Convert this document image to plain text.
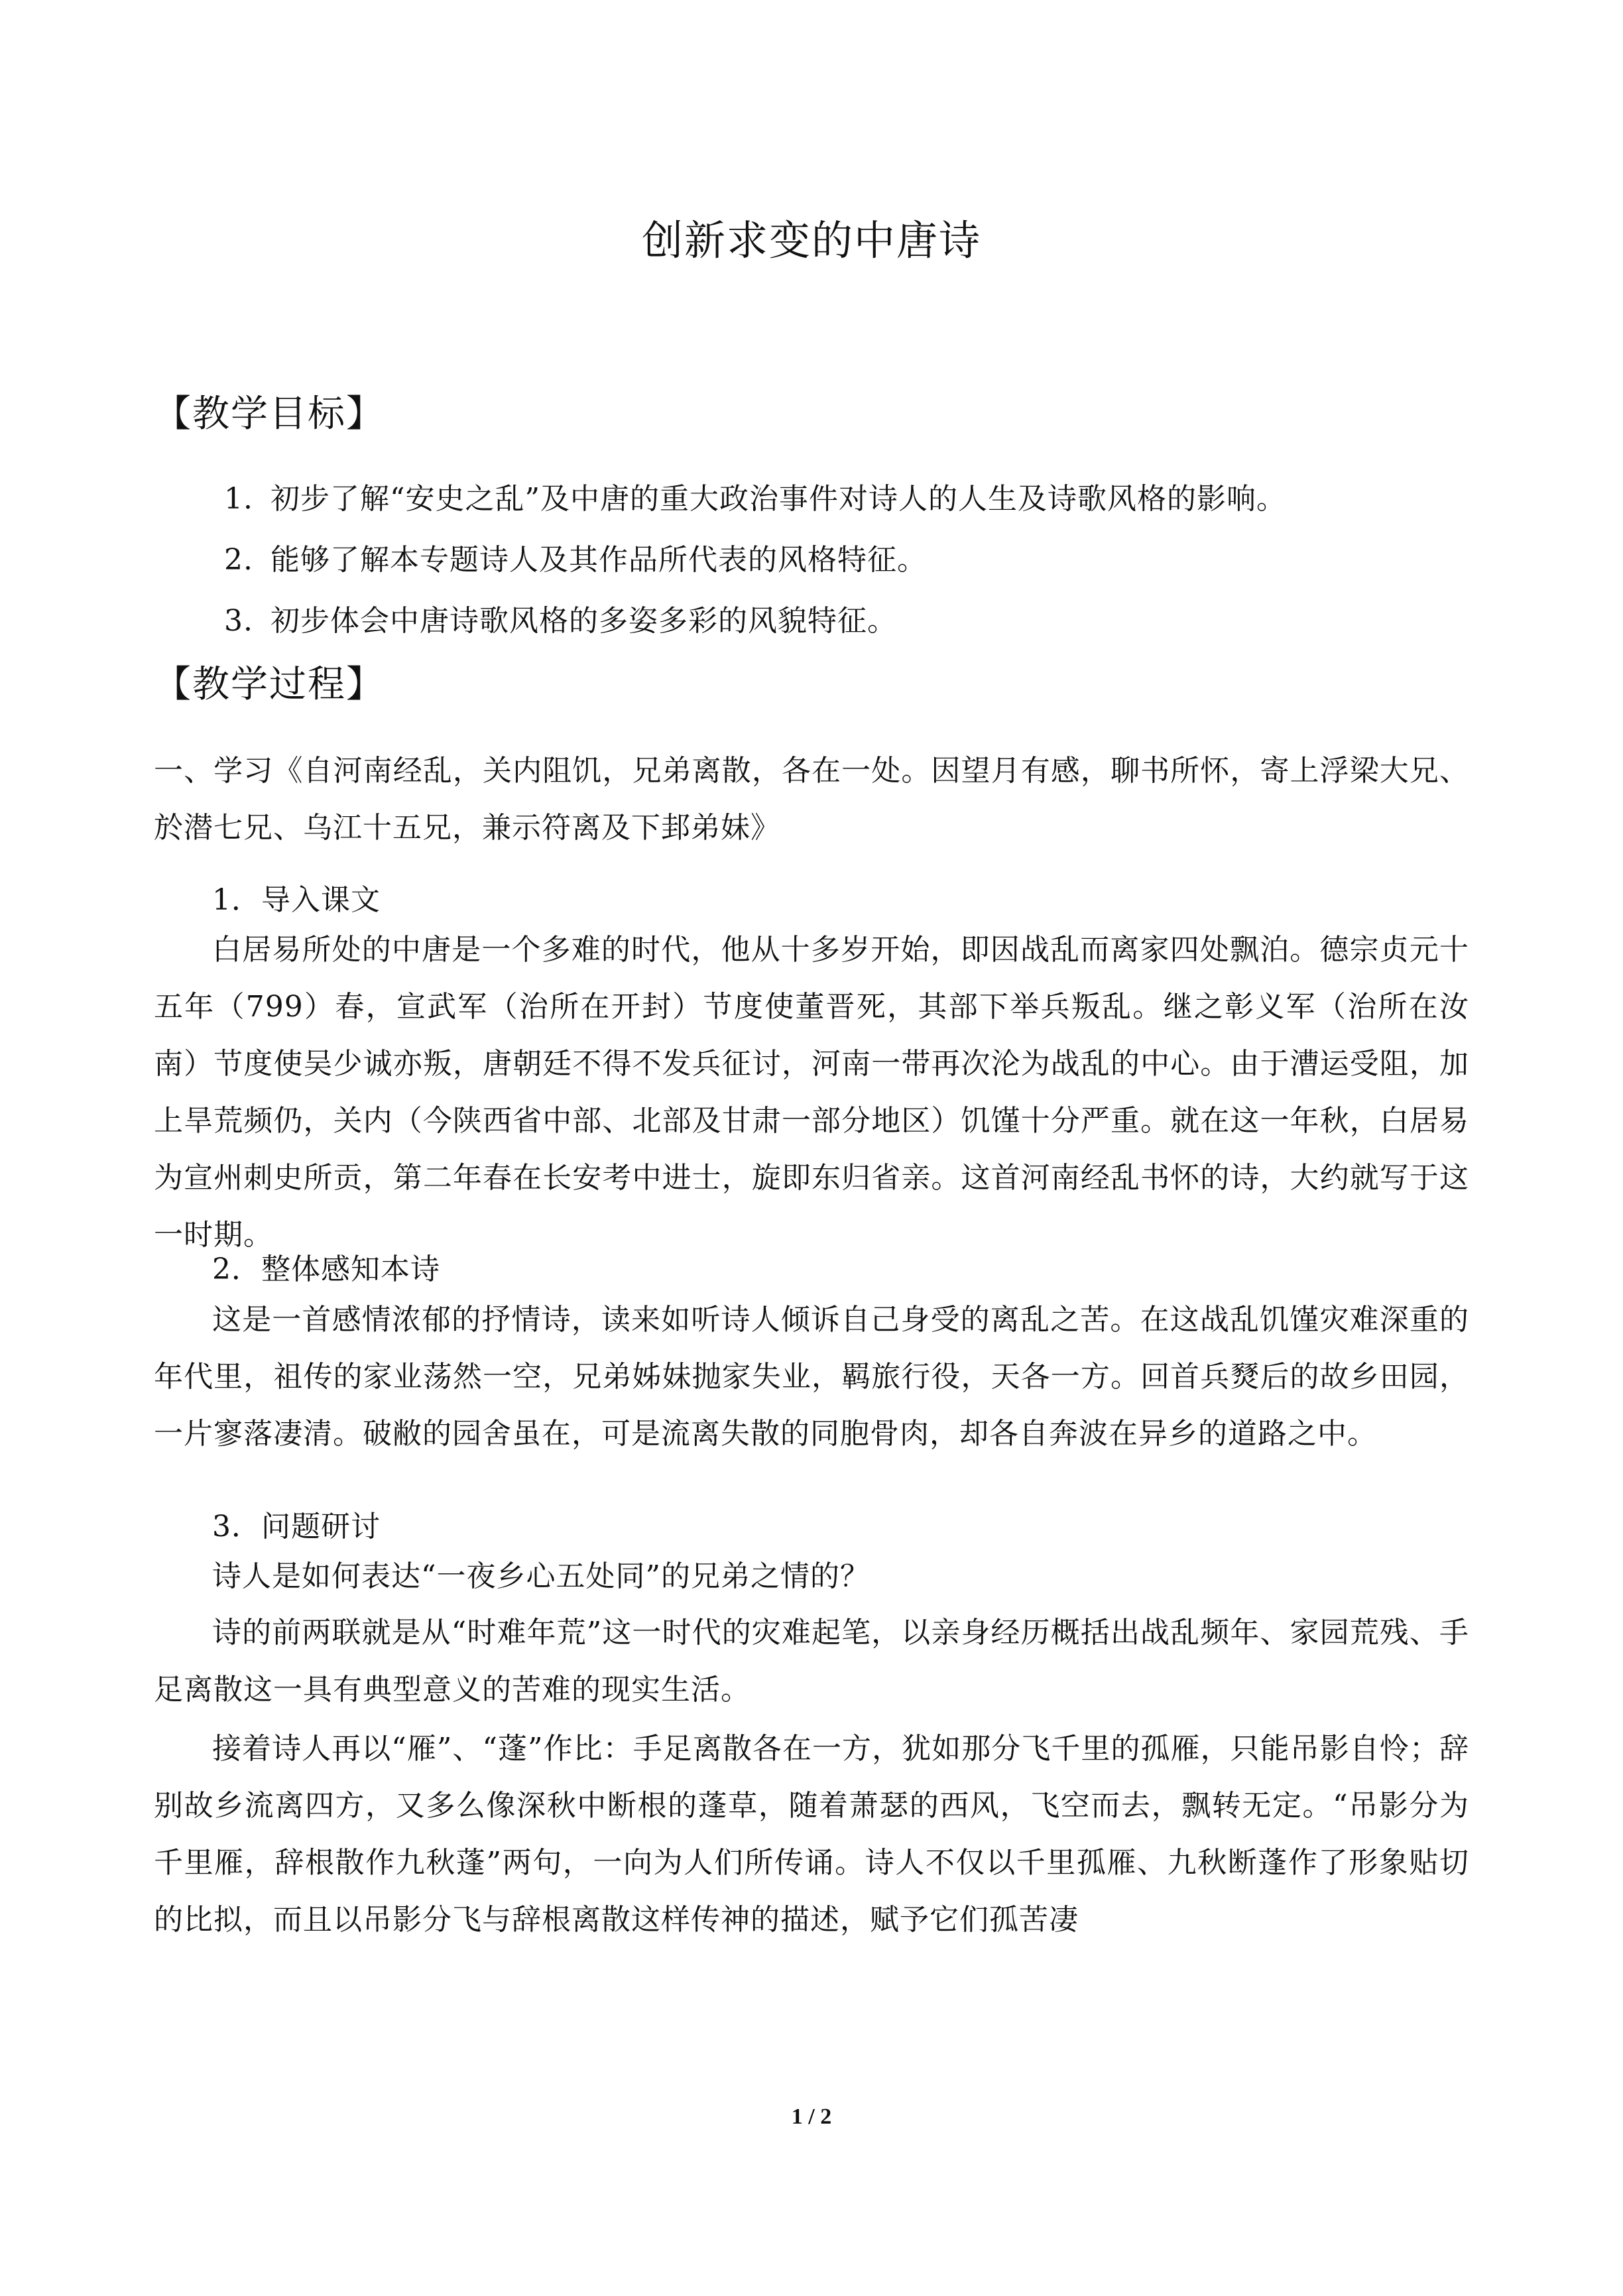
创新求变的中唐诗
【教学目标】
1. 初步了解“安史之乱”及中唐的重大政治事件对诗人的人生及诗歌风格的影响。
2. 能够了解本专题诗人及其作品所代表的风格特征。
3. 初步体会中唐诗歌风格的多姿多彩的风貌特征。
【教学过程】
一、学习《自河南经乱，关内阻饥，兄弟离散，各在一处。因望月有感，聊书所怀，寄上浮梁大兄、於潜七兄、乌江十五兄，兼示符离及下邽弟妹》
1．导入课文
白居易所处的中唐是一个多难的时代，他从十多岁开始，即因战乱而离家四处飘泊。德宗贞元十五年（799）春，宣武军（治所在开封）节度使董晋死，其部下举兵叛乱。继之彰义军（治所在汝南）节度使吴少诚亦叛，唐朝廷不得不发兵征讨，河南一带再次沦为战乱的中心。由于漕运受阻，加上旱荒频仍，关内（今陕西省中部、北部及甘肃一部分地区）饥馑十分严重。就在这一年秋，白居易为宣州刺史所贡，第二年春在长安考中进士，旋即东归省亲。这首河南经乱书怀的诗，大约就写于这一时期。
2．整体感知本诗
这是一首感情浓郁的抒情诗，读来如听诗人倾诉自己身受的离乱之苦。在这战乱饥馑灾难深重的年代里，祖传的家业荡然一空，兄弟姊妹抛家失业，羁旅行役，天各一方。回首兵燹后的故乡田园，一片寥落凄清。破敝的园舍虽在，可是流离失散的同胞骨肉，却各自奔波在异乡的道路之中。
3．问题研讨
诗人是如何表达“一夜乡心五处同”的兄弟之情的？
诗的前两联就是从“时难年荒”这一时代的灾难起笔，以亲身经历概括出战乱频年、家园荒残、手足离散这一具有典型意义的苦难的现实生活。
接着诗人再以“雁”、“蓬”作比：手足离散各在一方，犹如那分飞千里的孤雁，只能吊影自怜；辞别故乡流离四方，又多么像深秋中断根的蓬草，随着萧瑟的西风，飞空而去，飘转无定。“吊影分为千里雁，辞根散作九秋蓬”两句，一向为人们所传诵。诗人不仅以千里孤雁、九秋断蓬作了形象贴切的比拟，而且以吊影分飞与辞根离散这样传神的描述，赋予它们孤苦凄
1 / 2
